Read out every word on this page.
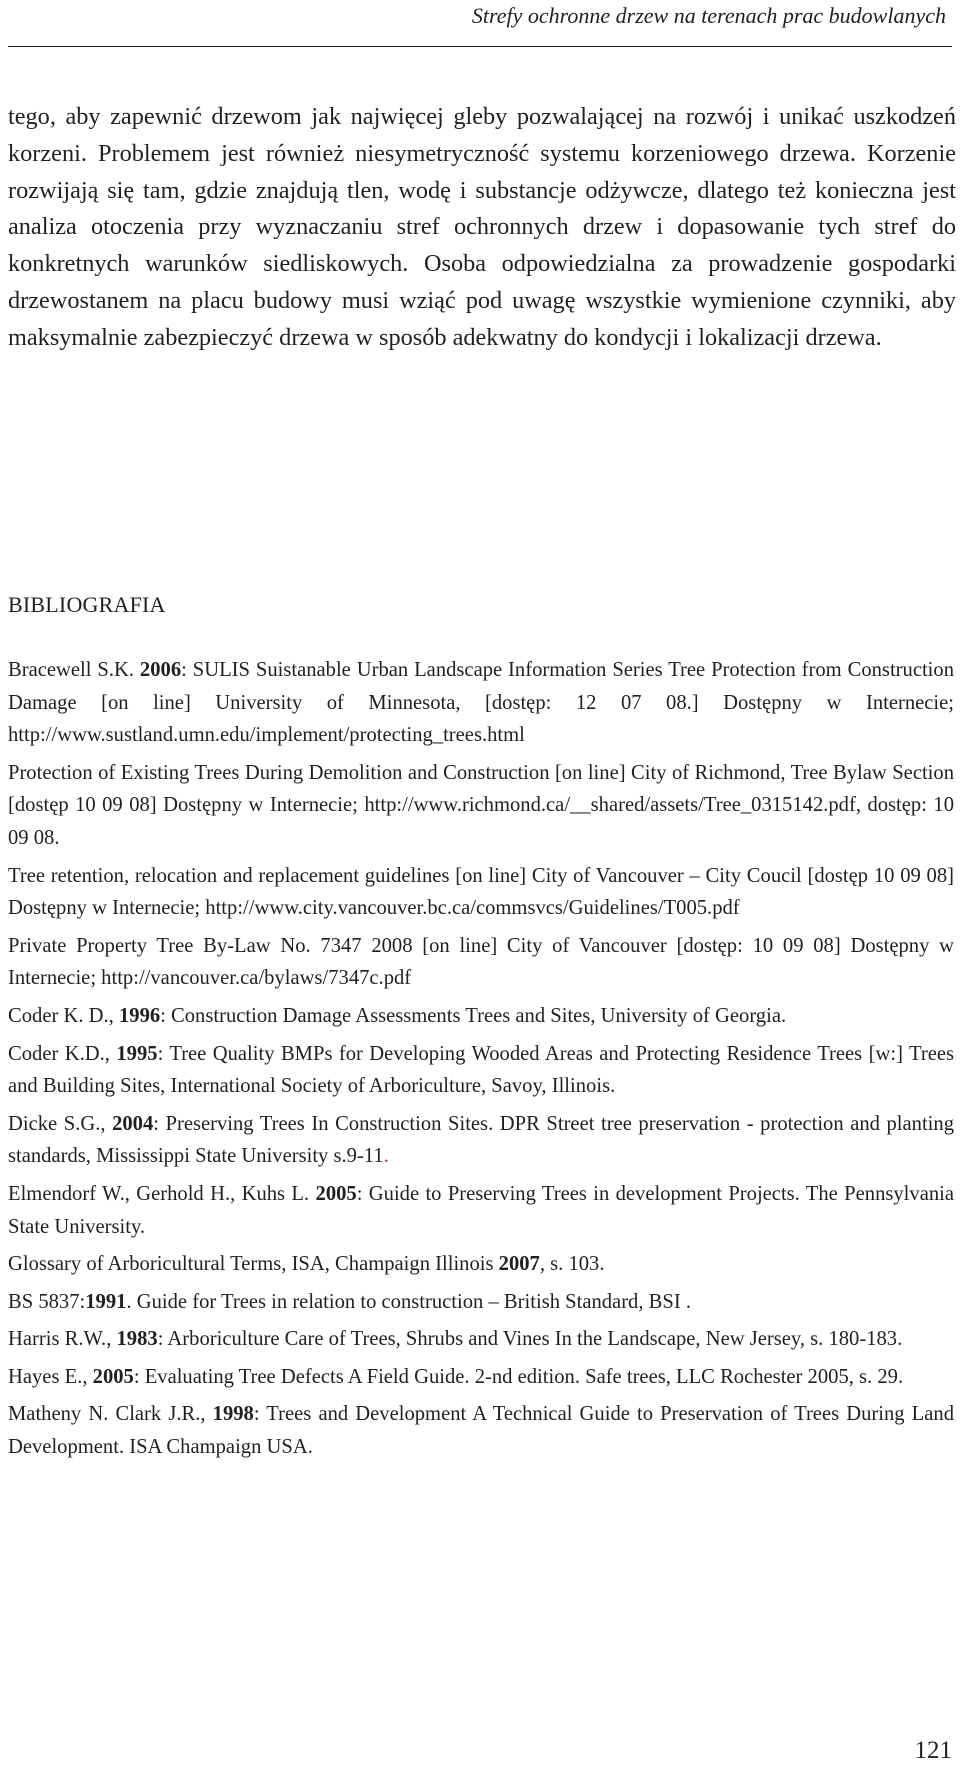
Strefy ochronne drzew na terenach prac budowlanych

tego, aby zapewnić drzewom jak najwięcej gleby pozwalającej na rozwój i unikać uszkodzeń korzeni. Problemem jest również niesymetryczność systemu korzeniowego drzewa. Korzenie rozwijają się tam, gdzie znajdują tlen, wodę i substancje odżywcze, dlatego też konieczna jest analiza otoczenia przy wyznaczaniu stref ochronnych drzew i dopasowanie tych stref do konkretnych warunków siedliskowych. Osoba odpowiedzialna za prowadzenie gospodarki drzewostanem na placu budowy musi wziąć pod uwagę wszystkie wymienione czynniki, aby maksymalnie zabezpieczyć drzewa w sposób adekwatny do kondycji i lokalizacji drzewa.

BIBLIOGRAFIA
Bracewell S.K. 2006: SULIS Suistanable Urban Landscape Information Series Tree Protection from Construction Damage [on line] University of Minnesota, [dostęp: 12 07 08.] Dostępny w Internecie; http://www.sustland.umn.edu/implement/protecting_trees.html
Protection of Existing Trees During Demolition and Construction [on line] City of Richmond, Tree Bylaw Section [dostęp 10 09 08] Dostępny w Internecie; http://www.richmond.ca/__shared/assets/Tree_0315142.pdf, dostęp: 10 09 08.
Tree retention, relocation and replacement guidelines [on line] City of Vancouver – City Coucil [dostęp 10 09 08] Dostępny w Internecie; http://www.city.vancouver.bc.ca/commsvcs/Guidelines/T005.pdf
Private Property Tree By-Law No. 7347 2008 [on line] City of Vancouver [dostęp: 10 09 08] Dostępny w Internecie; http://vancouver.ca/bylaws/7347c.pdf
Coder K. D., 1996: Construction Damage Assessments Trees and Sites, University of Georgia.
Coder K.D., 1995: Tree Quality BMPs for Developing Wooded Areas and Protecting Residence Trees [w:] Trees and Building Sites, International Society of Arboriculture, Savoy, Illinois.
Dicke S.G., 2004: Preserving Trees In Construction Sites. DPR Street tree preservation - protection and planting standards, Mississippi State University s.9-11.
Elmendorf W., Gerhold H., Kuhs L. 2005: Guide to Preserving Trees in development Projects. The Pennsylvania State University.
Glossary of Arboricultural Terms, ISA, Champaign Illinois 2007, s. 103.
BS 5837:1991. Guide for Trees in relation to construction – British Standard, BSI .
Harris R.W., 1983: Arboriculture Care of Trees, Shrubs and Vines In the Landscape, New Jersey, s. 180-183.
Hayes E., 2005: Evaluating Tree Defects A Field Guide. 2-nd edition. Safe trees, LLC Rochester 2005, s. 29.
Matheny N. Clark J.R., 1998: Trees and Development A Technical Guide to Preservation of Trees During Land Development. ISA Champaign USA.
121
